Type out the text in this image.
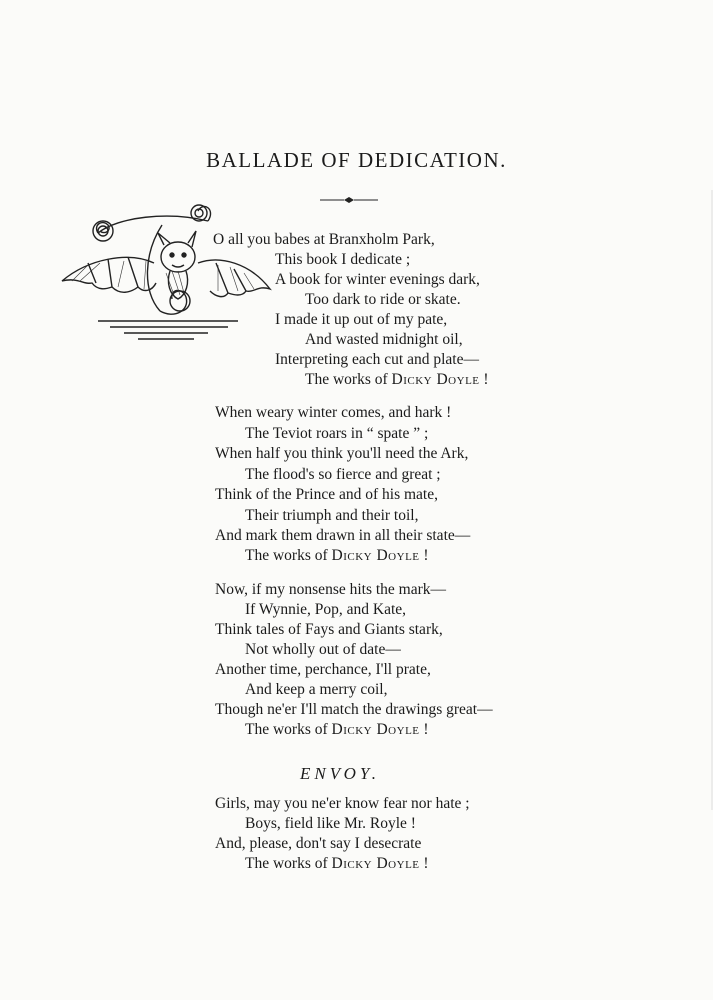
BALLADE OF DEDICATION.
O all you babes at Branxholm Park,
This book I dedicate ;
A book for winter evenings dark,
Too dark to ride or skate.
I made it up out of my pate,
And wasted midnight oil,
Interpreting each cut and plate—
The works of Dicky Doyle !
When weary winter comes, and hark !
The Teviot roars in “ spate ” ;
When half you think you'll need the Ark,
The flood's so fierce and great ;
Think of the Prince and of his mate,
Their triumph and their toil,
And mark them drawn in all their state—
The works of Dicky Doyle !
Now, if my nonsense hits the mark—
If Wynnie, Pop, and Kate,
Think tales of Fays and Giants stark,
Not wholly out of date—
Another time, perchance, I'll prate,
And keep a merry coil,
Though ne'er I'll match the drawings great—
The works of Dicky Doyle !
ENVOY.
Girls, may you ne'er know fear nor hate ;
Boys, field like Mr. Royle !
And, please, don't say I desecrate
The works of Dicky Doyle !
